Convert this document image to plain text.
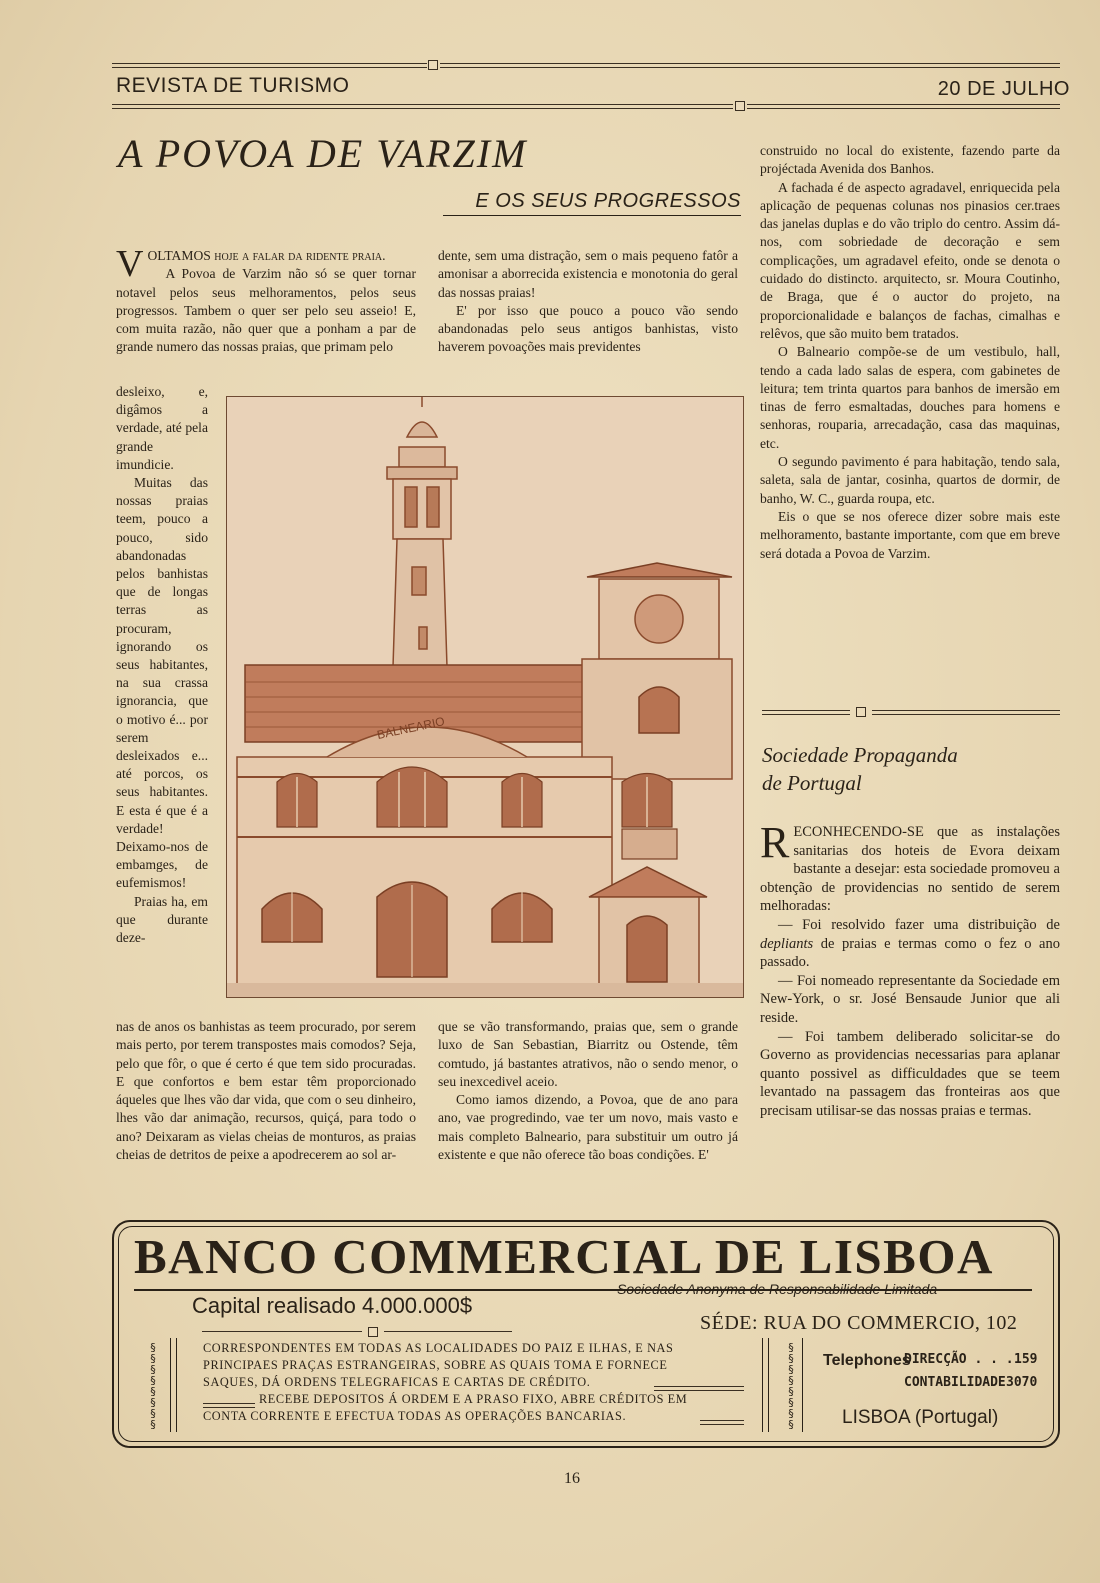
REVISTA DE TURISMO	20 DE JULHO
A POVOA DE VARZIM
E OS SEUS PROGRESSOS

VOLTAMOS hoje a falar da ridente praia.

A Povoa de Varzim não só se quer tornar notavel pelos seus melhoramentos, pelos seus progressos. Tambem o quer ser pelo seu asseio! E, com muita razão, não quer que a ponham a par de grande numero das nossas praias, que primam pelo

desleixo, e, digâmos a verdade, até pela grande imundicie.

Muitas das nossas praias teem, pouco a pouco, sido abandonadas pelos banhistas que de longas terras as procuram, ignorando os seus habitantes, na sua crassa ignorancia, que o motivo é... por serem desleixados e... até porcos, os seus habitantes. E esta é que é a verdade! Deixamo-nos de embamges, de eufemismos!

Praias ha, em que durante deze-

nas de anos os banhistas as teem procurado, por serem mais perto, por terem transpostes mais comodos? Seja, pelo que fôr, o que é certo é que tem sido procuradas. E que confortos e bem estar têm proporcionado áqueles que lhes vão dar vida, que com o seu dinheiro, lhes vão dar animação, recursos, quiçá, para todo o ano? Deixaram as vielas cheias de monturos, as praias cheias de detritos de peixe a apodrecerem ao sol ar-

dente, sem uma distração, sem o mais pequeno fatôr a amonisar a aborrecida existencia e monotonia do geral das nossas praias!

E' por isso que pouco a pouco vão sendo abandonadas pelo seus antigos banhistas, visto haverem povoações mais previdentes

que se vão transformando, praias que, sem o grande luxo de San Sebastian, Biarritz ou Ostende, têm comtudo, já bastantes atrativos, não o sendo menor, o seu inexcedivel aceio.

Como iamos dizendo, a Povoa, que de ano para ano, vae progredindo, vae ter um novo, mais vasto e mais completo Balneario, para substituir um outro já existente e que não oferece tão boas condições. E'

BALNEARIO

construido no local do existente, fazendo parte da projéctada Avenida dos Banhos.

A fachada é de aspecto agradavel, enriquecida pela aplicação de pequenas colunas nos pinasios cer.traes das janelas duplas e do vão triplo do centro. Assim dá-nos, com sobriedade de decoração e sem complicações, um agradavel efeito, onde se denota o cuidado do distincto. arquitecto, sr. Moura Coutinho, de Braga, que é o auctor do projeto, na proporcionalidade e balanços de fachas, cimalhas e relêvos, que são muito bem tratados.

O Balneario compõe-se de um vestibulo, hall, tendo a cada lado salas de espera, com gabinetes de leitura; tem trinta quartos para banhos de imersão em tinas de ferro esmaltadas, douches para homens e senhoras, rouparia, arrecadação, casa das maquinas, etc.

O segundo pavimento é para habitação, tendo sala, saleta, sala de jantar, cosinha, quartos de dormir, de banho, W. C., guarda roupa, etc.

Eis o que se nos oferece dizer sobre mais este melhoramento, bastante importante, com que em breve será dotada a Povoa de Varzim.

Sociedade Propaganda
de Portugal

RECONHECENDO-SE que as instalações sanitarias dos hoteis de Evora deixam bastante a desejar: esta sociedade promoveu a obtenção de providencias no sentido de serem melhoradas:

— Foi resolvido fazer uma distribuição de depliants de praias e termas como o fez o ano passado.

— Foi nomeado representante da Sociedade em New-York, o sr. José Bensaude Junior que ali reside.

— Foi tambem deliberado solicitar-se do Governo as providencias necessarias para aplanar quanto possivel as difficuldades que se teem levantado na passagem das fronteiras aos que precisam utilisar-se das nossas praias e termas.

BANCO COMMERCIAL DE LISBOA
Sociedade Anonyma de Responsabilidade Limitada
Capital realisado 4.000.000$
SÉDE: RUA DO COMMERCIO, 102
§
§
§
§
§
§
§
§
§
§
§
§
§
§
§
§
CORRESPONDENTES EM TODAS AS LOCALIDADES DO PAIZ E ILHAS, E NAS
PRINCIPAES PRAÇAS ESTRANGEIRAS, SOBRE AS QUAIS TOMA E FORNECE
SAQUES, DÁ ORDENS TELEGRAFICAS E CARTAS DE CRÉDITO.
RECEBE DEPOSITOS Á ORDEM E A PRASO FIXO, ABRE CRÉDITOS EM
CONTA CORRENTE E EFECTUA TODAS AS OPERAÇÕES BANCARIAS.
Telephones
DIRECÇÃO . . . 159
CONTABILIDADE 3070
LISBOA (Portugal)
16
